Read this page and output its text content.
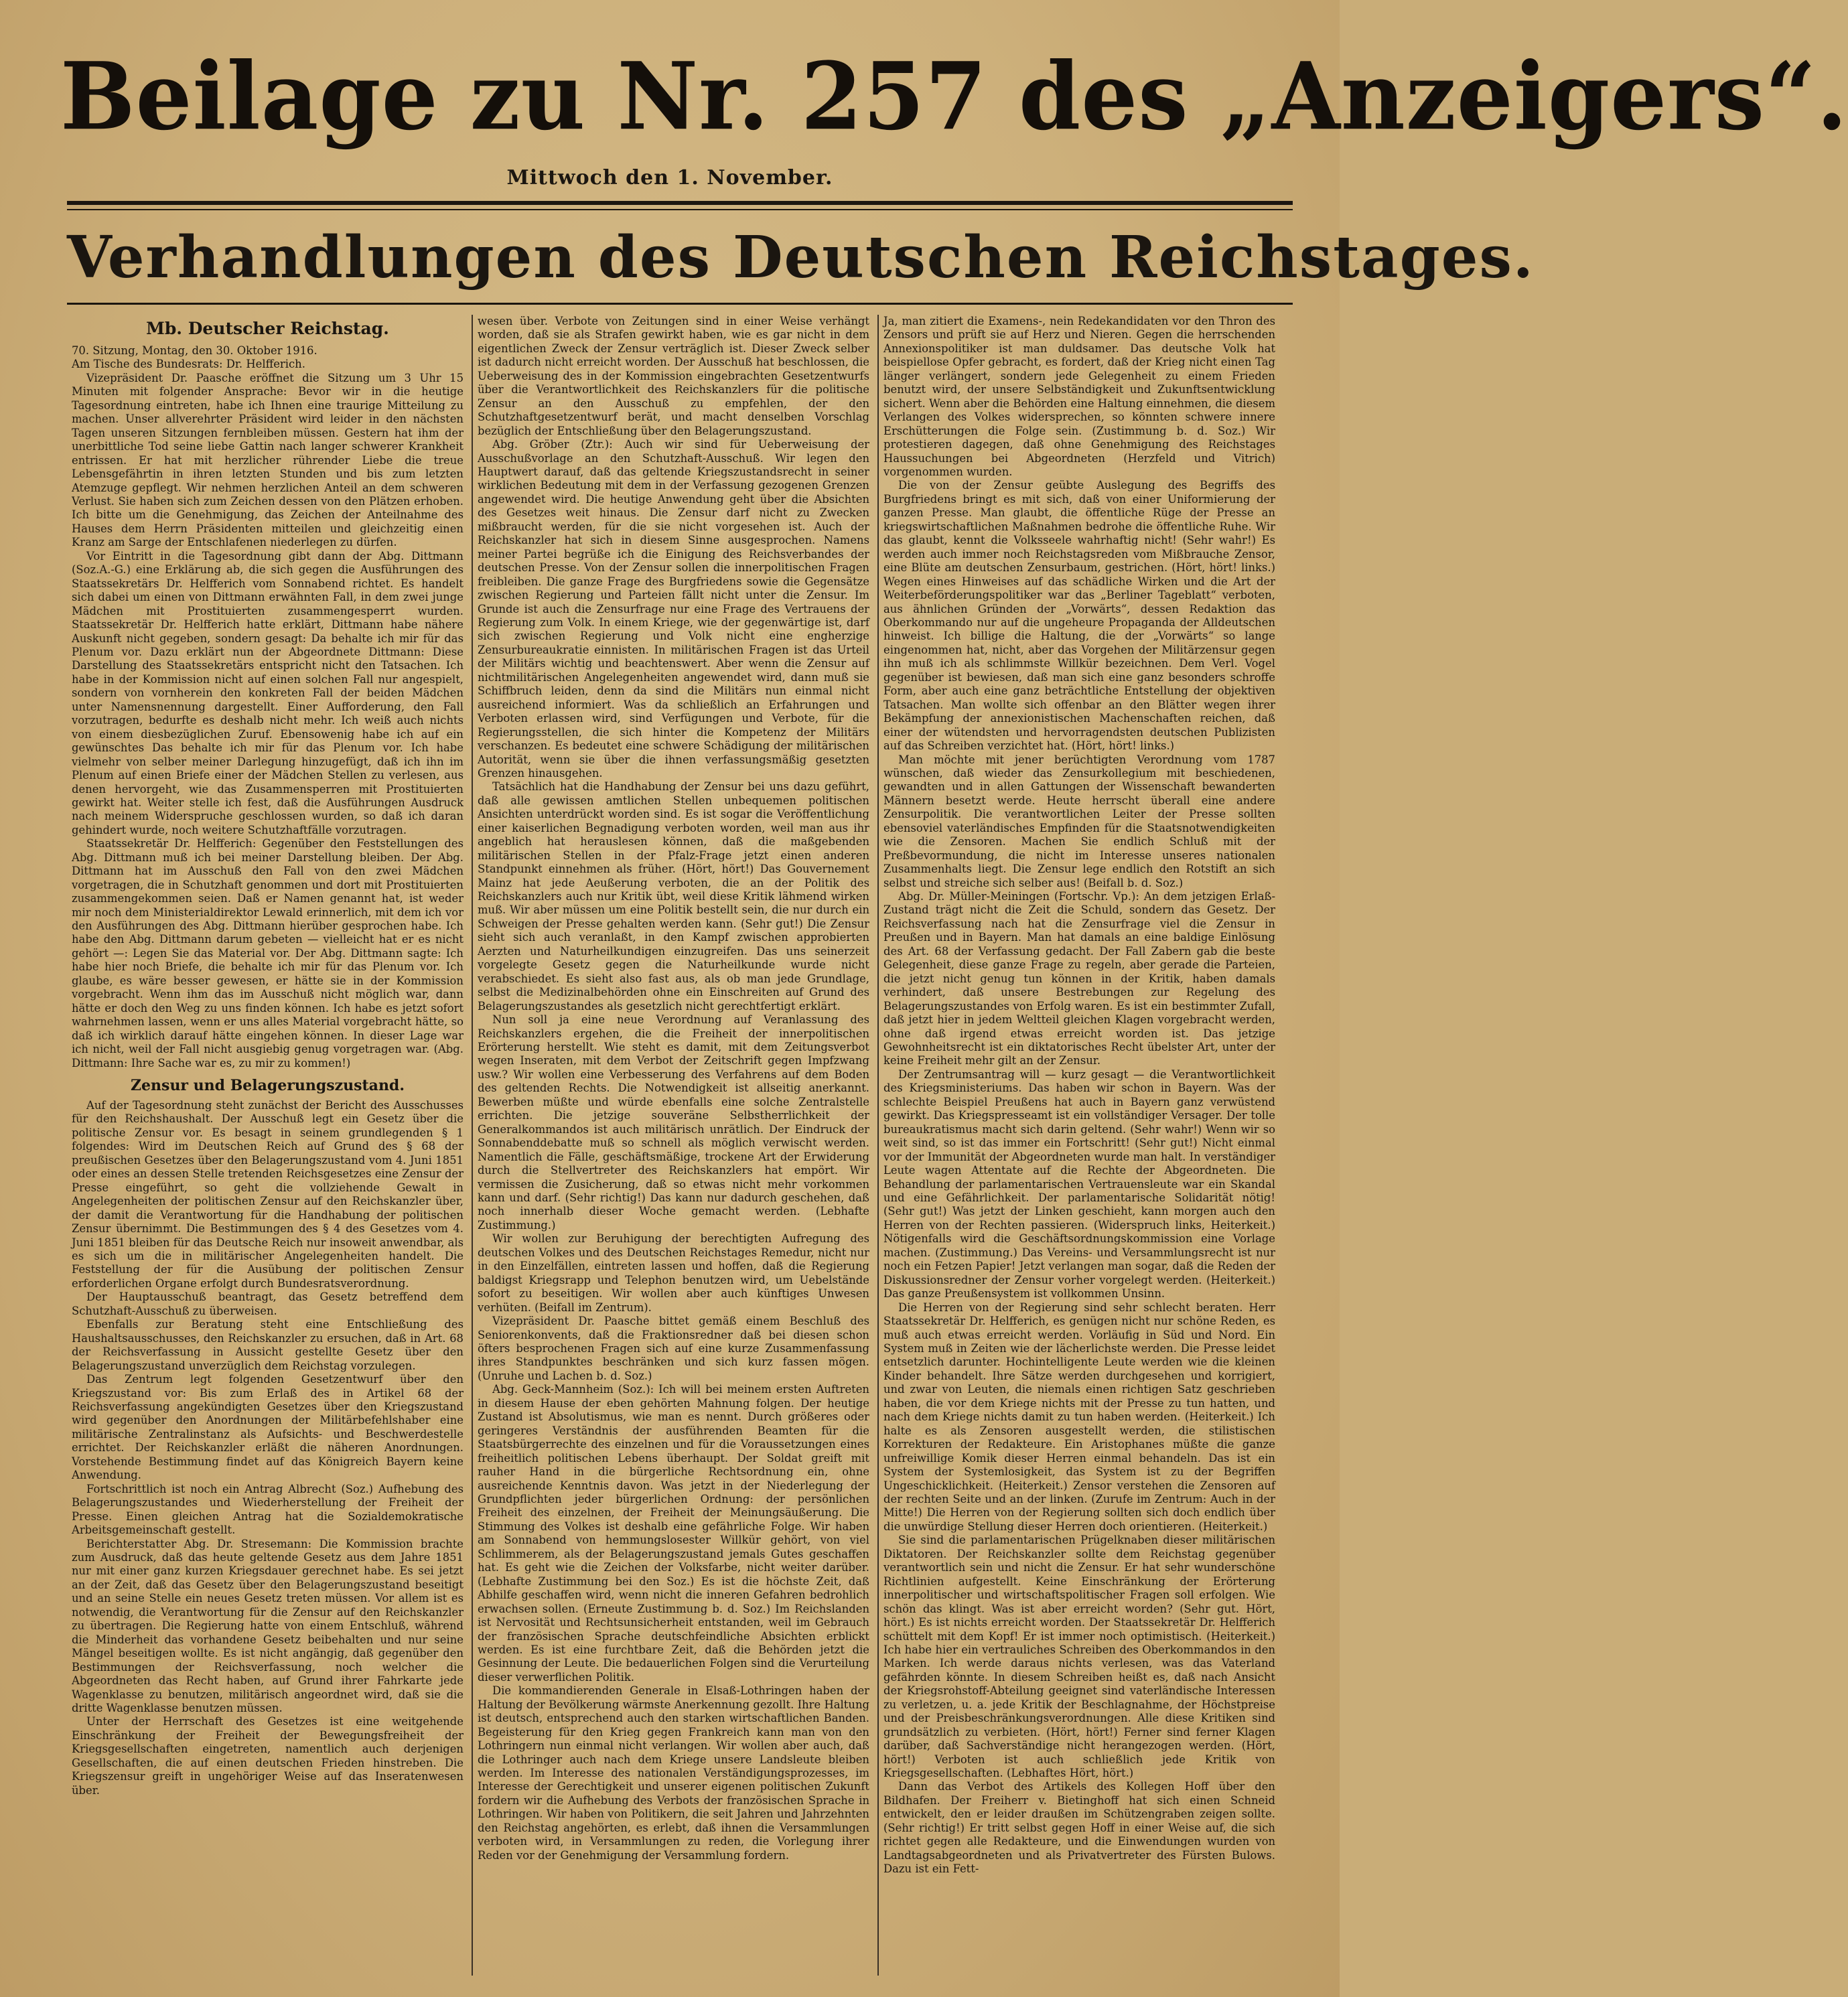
Beilage zu Nr. 257 des „Anzeigers“.
Mittwoch den 1. November.
Verhandlungen des Deutschen Reichstages.
Mb. Deutscher Reichstag.

70. Sitzung, Montag, den 30. Oktober 1916.

Am Tische des Bundesrats: Dr. Helfferich.

Vizepräsident Dr. Paasche eröffnet die Sitzung um 3 Uhr 15 Minuten mit folgender Ansprache: Bevor wir in die heutige Tagesordnung eintreten, habe ich Ihnen eine traurige Mitteilung zu machen. Unser allverehrter Präsident wird leider in den nächsten Tagen unseren Sitzungen fernbleiben müssen. Gestern hat ihm der unerbittliche Tod seine liebe Gattin nach langer schwerer Krankheit entrissen. Er hat mit herzlicher rührender Liebe die treue Lebensgefährtin in ihren letzten Stunden und bis zum letzten Atemzuge gepflegt. Wir nehmen herzlichen Anteil an dem schweren Verlust. Sie haben sich zum Zeichen dessen von den Plätzen erhoben. Ich bitte um die Genehmigung, das Zeichen der Anteilnahme des Hauses dem Herrn Präsidenten mitteilen und gleichzeitig einen Kranz am Sarge der Entschlafenen niederlegen zu dürfen.

Vor Eintritt in die Tagesordnung gibt dann der Abg. Dittmann (Soz.A.-G.) eine Erklärung ab, die sich gegen die Ausführungen des Staatssekretärs Dr. Helfferich vom Sonnabend richtet. Es handelt sich dabei um einen von Dittmann erwähnten Fall, in dem zwei junge Mädchen mit Prostituierten zusammengesperrt wurden. Staatssekretär Dr. Helfferich hatte erklärt, Dittmann habe nähere Auskunft nicht gegeben, sondern gesagt: Da behalte ich mir für das Plenum vor. Dazu erklärt nun der Abgeordnete Dittmann: Diese Darstellung des Staatssekretärs entspricht nicht den Tatsachen. Ich habe in der Kommission nicht auf einen solchen Fall nur angespielt, sondern von vornherein den konkreten Fall der beiden Mädchen unter Namensnennung dargestellt. Einer Aufforderung, den Fall vorzutragen, bedurfte es deshalb nicht mehr. Ich weiß auch nichts von einem diesbezüglichen Zuruf. Ebensowenig habe ich auf ein gewünschtes Das behalte ich mir für das Plenum vor. Ich habe vielmehr von selber meiner Darlegung hinzugefügt, daß ich ihn im Plenum auf einen Briefe einer der Mädchen Stellen zu verlesen, aus denen hervorgeht, wie das Zusammensperren mit Prostituierten gewirkt hat. Weiter stelle ich fest, daß die Ausführungen Ausdruck nach meinem Widerspruche geschlossen wurden, so daß ich daran gehindert wurde, noch weitere Schutzhaftfälle vorzutragen.

Staatssekretär Dr. Helfferich: Gegenüber den Feststellungen des Abg. Dittmann muß ich bei meiner Darstellung bleiben. Der Abg. Dittmann hat im Ausschuß den Fall von den zwei Mädchen vorgetragen, die in Schutzhaft genommen und dort mit Prostituierten zusammengekommen seien. Daß er Namen genannt hat, ist weder mir noch dem Ministerialdirektor Lewald erinnerlich, mit dem ich vor den Ausführungen des Abg. Dittmann hierüber gesprochen habe. Ich habe den Abg. Dittmann darum gebeten — vielleicht hat er es nicht gehört —: Legen Sie das Material vor. Der Abg. Dittmann sagte: Ich habe hier noch Briefe, die behalte ich mir für das Plenum vor. Ich glaube, es wäre besser gewesen, er hätte sie in der Kommission vorgebracht. Wenn ihm das im Ausschuß nicht möglich war, dann hätte er doch den Weg zu uns finden können. Ich habe es jetzt sofort wahrnehmen lassen, wenn er uns alles Material vorgebracht hätte, so daß ich wirklich darauf hätte eingehen können. In dieser Lage war ich nicht, weil der Fall nicht ausgiebig genug vorgetragen war. (Abg. Dittmann: Ihre Sache war es, zu mir zu kommen!)

Zensur und Belagerungszustand.

Auf der Tagesordnung steht zunächst der Bericht des Ausschusses für den Reichshaushalt. Der Ausschuß legt ein Gesetz über die politische Zensur vor. Es besagt in seinem grundlegenden § 1 folgendes: Wird im Deutschen Reich auf Grund des § 68 der preußischen Gesetzes über den Belagerungszustand vom 4. Juni 1851 oder eines an dessen Stelle tretenden Reichsgesetzes eine Zensur der Presse eingeführt, so geht die vollziehende Gewalt in Angelegenheiten der politischen Zensur auf den Reichskanzler über, der damit die Verantwortung für die Handhabung der politischen Zensur übernimmt. Die Bestimmungen des § 4 des Gesetzes vom 4. Juni 1851 bleiben für das Deutsche Reich nur insoweit anwendbar, als es sich um die in militärischer Angelegenheiten handelt. Die Feststellung der für die Ausübung der politischen Zensur erforderlichen Organe erfolgt durch Bundesratsverordnung.

Der Hauptausschuß beantragt, das Gesetz betreffend dem Schutzhaft-Ausschuß zu überweisen.

Ebenfalls zur Beratung steht eine Entschließung des Haushaltsausschusses, den Reichskanzler zu ersuchen, daß in Art. 68 der Reichsverfassung in Aussicht gestellte Gesetz über den Belagerungszustand unverzüglich dem Reichstag vorzulegen.

Das Zentrum legt folgenden Gesetzentwurf über den Kriegszustand vor: Bis zum Erlaß des in Artikel 68 der Reichsverfassung angekündigten Gesetzes über den Kriegszustand wird gegenüber den Anordnungen der Militärbefehlshaber eine militärische Zentralinstanz als Aufsichts- und Beschwerdestelle errichtet. Der Reichskanzler erläßt die näheren Anordnungen. Vorstehende Bestimmung findet auf das Königreich Bayern keine Anwendung.

Fortschrittlich ist noch ein Antrag Albrecht (Soz.) Aufhebung des Belagerungszustandes und Wiederherstellung der Freiheit der Presse. Einen gleichen Antrag hat die Sozialdemokratische Arbeitsgemeinschaft gestellt.

Berichterstatter Abg. Dr. Stresemann: Die Kommission brachte zum Ausdruck, daß das heute geltende Gesetz aus dem Jahre 1851 nur mit einer ganz kurzen Kriegsdauer gerechnet habe. Es sei jetzt an der Zeit, daß das Gesetz über den Belagerungszustand beseitigt und an seine Stelle ein neues Gesetz treten müssen. Vor allem ist es notwendig, die Verantwortung für die Zensur auf den Reichskanzler zu übertragen. Die Regierung hatte von einem Entschluß, während die Minderheit das vorhandene Gesetz beibehalten und nur seine Mängel beseitigen wollte. Es ist nicht angängig, daß gegenüber den Bestimmungen der Reichsverfassung, noch welcher die Abgeordneten das Recht haben, auf Grund ihrer Fahrkarte jede Wagenklasse zu benutzen, militärisch angeordnet wird, daß sie die dritte Wagenklasse benutzen müssen.

Unter der Herrschaft des Gesetzes ist eine weitgehende Einschränkung der Freiheit der Bewegungsfreiheit der Kriegsgesellschaften eingetreten, namentlich auch derjenigen Gesellschaften, die auf einen deutschen Frieden hinstreben. Die Kriegszensur greift in ungehöriger Weise auf das Inseratenwesen über.

wesen über. Verbote von Zeitungen sind in einer Weise verhängt worden, daß sie als Strafen gewirkt haben, wie es gar nicht in dem eigentlichen Zweck der Zensur verträglich ist. Dieser Zweck selber ist dadurch nicht erreicht worden. Der Ausschuß hat beschlossen, die Ueberweisung des in der Kommission eingebrachten Gesetzentwurfs über die Verantwortlichkeit des Reichskanzlers für die politische Zensur an den Ausschuß zu empfehlen, der den Schutzhaftgesetzentwurf berät, und macht denselben Vorschlag bezüglich der Entschließung über den Belagerungszustand.

Abg. Gröber (Ztr.): Auch wir sind für Ueberweisung der Ausschußvorlage an den Schutzhaft-Ausschuß. Wir legen den Hauptwert darauf, daß das geltende Kriegszustandsrecht in seiner wirklichen Bedeutung mit dem in der Verfassung gezogenen Grenzen angewendet wird. Die heutige Anwendung geht über die Absichten des Gesetzes weit hinaus. Die Zensur darf nicht zu Zwecken mißbraucht werden, für die sie nicht vorgesehen ist. Auch der Reichskanzler hat sich in diesem Sinne ausgesprochen. Namens meiner Partei begrüße ich die Einigung des Reichsverbandes der deutschen Presse. Von der Zensur sollen die innerpolitischen Fragen freibleiben. Die ganze Frage des Burgfriedens sowie die Gegensätze zwischen Regierung und Parteien fällt nicht unter die Zensur. Im Grunde ist auch die Zensurfrage nur eine Frage des Vertrauens der Regierung zum Volk. In einem Kriege, wie der gegenwärtige ist, darf sich zwischen Regierung und Volk nicht eine engherzige Zensurbureaukratie einnisten. In militärischen Fragen ist das Urteil der Militärs wichtig und beachtenswert. Aber wenn die Zensur auf nichtmilitärischen Angelegenheiten angewendet wird, dann muß sie Schiffbruch leiden, denn da sind die Militärs nun einmal nicht ausreichend informiert. Was da schließlich an Erfahrungen und Verboten erlassen wird, sind Verfügungen und Verbote, für die Regierungsstellen, die sich hinter die Kompetenz der Militärs verschanzen. Es bedeutet eine schwere Schädigung der militärischen Autorität, wenn sie über die ihnen verfassungsmäßig gesetzten Grenzen hinausgehen.

Tatsächlich hat die Handhabung der Zensur bei uns dazu geführt, daß alle gewissen amtlichen Stellen unbequemen politischen Ansichten unterdrückt worden sind. Es ist sogar die Veröffentlichung einer kaiserlichen Begnadigung verboten worden, weil man aus ihr angeblich hat herauslesen können, daß die maßgebenden militärischen Stellen in der Pfalz-Frage jetzt einen anderen Standpunkt einnehmen als früher. (Hört, hört!) Das Gouvernement Mainz hat jede Aeußerung verboten, die an der Politik des Reichskanzlers auch nur Kritik übt, weil diese Kritik lähmend wirken muß. Wir aber müssen um eine Politik bestellt sein, die nur durch ein Schweigen der Presse gehalten werden kann. (Sehr gut!) Die Zensur sieht sich auch veranlaßt, in den Kampf zwischen approbierten Aerzten und Naturheilkundigen einzugreifen. Das uns seinerzeit vorgelegte Gesetz gegen die Naturheilkunde wurde nicht verabschiedet. Es sieht also fast aus, als ob man jede Grundlage, selbst die Medizinalbehörden ohne ein Einschreiten auf Grund des Belagerungszustandes als gesetzlich nicht gerechtfertigt erklärt.

Nun soll ja eine neue Verordnung auf Veranlassung des Reichskanzlers ergehen, die die Freiheit der innerpolitischen Erörterung herstellt. Wie steht es damit, mit dem Zeitungsverbot wegen Inseraten, mit dem Verbot der Zeitschrift gegen Impfzwang usw.? Wir wollen eine Verbesserung des Verfahrens auf dem Boden des geltenden Rechts. Die Notwendigkeit ist allseitig anerkannt. Bewerben müßte und würde ebenfalls eine solche Zentralstelle errichten. Die jetzige souveräne Selbstherrlichkeit der Generalkommandos ist auch militärisch unrätlich. Der Eindruck der Sonnabenddebatte muß so schnell als möglich verwischt werden. Namentlich die Fälle, geschäftsmäßige, trockene Art der Erwiderung durch die Stellvertreter des Reichskanzlers hat empört. Wir vermissen die Zusicherung, daß so etwas nicht mehr vorkommen kann und darf. (Sehr richtig!) Das kann nur dadurch geschehen, daß noch innerhalb dieser Woche gemacht werden. (Lebhafte Zustimmung.)

Wir wollen zur Beruhigung der berechtigten Aufregung des deutschen Volkes und des Deutschen Reichstages Remedur, nicht nur in den Einzelfällen, eintreten lassen und hoffen, daß die Regierung baldigst Kriegsrapp und Telephon benutzen wird, um Uebelstände sofort zu beseitigen. Wir wollen aber auch künftiges Unwesen verhüten. (Beifall im Zentrum).

Vizepräsident Dr. Paasche bittet gemäß einem Beschluß des Seniorenkonvents, daß die Fraktionsredner daß bei diesen schon öfters besprochenen Fragen sich auf eine kurze Zusammenfassung ihres Standpunktes beschränken und sich kurz fassen mögen. (Unruhe und Lachen b. d. Soz.)

Abg. Geck-Mannheim (Soz.): Ich will bei meinem ersten Auftreten in diesem Hause der eben gehörten Mahnung folgen. Der heutige Zustand ist Absolutismus, wie man es nennt. Durch größeres oder geringeres Verständnis der ausführenden Beamten für die Staatsbürgerrechte des einzelnen und für die Voraussetzungen eines freiheitlich politischen Lebens überhaupt. Der Soldat greift mit rauher Hand in die bürgerliche Rechtsordnung ein, ohne ausreichende Kenntnis davon. Was jetzt in der Niederlegung der Grundpflichten jeder bürgerlichen Ordnung: der persönlichen Freiheit des einzelnen, der Freiheit der Meinungsäußerung. Die Stimmung des Volkes ist deshalb eine gefährliche Folge. Wir haben am Sonnabend von hemmungslosester Willkür gehört, von viel Schlimmerem, als der Belagerungszustand jemals Gutes geschaffen hat. Es geht wie die Zeichen der Volksfarbe, nicht weiter darüber. (Lebhafte Zustimmung bei den Soz.) Es ist die höchste Zeit, daß Abhilfe geschaffen wird, wenn nicht die inneren Gefahren bedrohlich erwachsen sollen. (Erneute Zustimmung b. d. Soz.) Im Reichslanden ist Nervosität und Rechtsunsicherheit entstanden, weil im Gebrauch der französischen Sprache deutschfeindliche Absichten erblickt werden. Es ist eine furchtbare Zeit, daß die Behörden jetzt die Gesinnung der Leute. Die bedauerlichen Folgen sind die Verurteilung dieser verwerflichen Politik.

Die kommandierenden Generale in Elsaß-Lothringen haben der Haltung der Bevölkerung wärmste Anerkennung gezollt. Ihre Haltung ist deutsch, entsprechend auch den starken wirtschaftlichen Banden. Begeisterung für den Krieg gegen Frankreich kann man von den Lothringern nun einmal nicht verlangen. Wir wollen aber auch, daß die Lothringer auch nach dem Kriege unsere Landsleute bleiben werden. Im Interesse des nationalen Verständigungsprozesses, im Interesse der Gerechtigkeit und unserer eigenen politischen Zukunft fordern wir die Aufhebung des Verbots der französischen Sprache in Lothringen. Wir haben von Politikern, die seit Jahren und Jahrzehnten den Reichstag angehörten, es erlebt, daß ihnen die Versammlungen verboten wird, in Versammlungen zu reden, die Vorlegung ihrer Reden vor der Genehmigung der Versammlung fordern.

Ja, man zitiert die Examens-, nein Redekandidaten vor den Thron des Zensors und prüft sie auf Herz und Nieren. Gegen die herrschenden Annexionspolitiker ist man duldsamer. Das deutsche Volk hat beispiellose Opfer gebracht, es fordert, daß der Krieg nicht einen Tag länger verlängert, sondern jede Gelegenheit zu einem Frieden benutzt wird, der unsere Selbständigkeit und Zukunftsentwicklung sichert. Wenn aber die Behörden eine Haltung einnehmen, die diesem Verlangen des Volkes widersprechen, so könnten schwere innere Erschütterungen die Folge sein. (Zustimmung b. d. Soz.) Wir protestieren dagegen, daß ohne Genehmigung des Reichstages Haussuchungen bei Abgeordneten (Herzfeld und Vitrich) vorgenommen wurden.

Die von der Zensur geübte Auslegung des Begriffs des Burgfriedens bringt es mit sich, daß von einer Uniformierung der ganzen Presse. Man glaubt, die öffentliche Rüge der Presse an kriegswirtschaftlichen Maßnahmen bedrohe die öffentliche Ruhe. Wir das glaubt, kennt die Volksseele wahrhaftig nicht! (Sehr wahr!) Es werden auch immer noch Reichstagsreden vom Mißbrauche Zensor, eine Blüte am deutschen Zensurbaum, gestrichen. (Hört, hört! links.) Wegen eines Hinweises auf das schädliche Wirken und die Art der Weiterbeförderungspolitiker war das „Berliner Tageblatt“ verboten, aus ähnlichen Gründen der „Vorwärts“, dessen Redaktion das Oberkommando nur auf die ungeheure Propaganda der Alldeutschen hinweist. Ich billige die Haltung, die der „Vorwärts“ so lange eingenommen hat, nicht, aber das Vorgehen der Militärzensur gegen ihn muß ich als schlimmste Willkür bezeichnen. Dem Verl. Vogel gegenüber ist bewiesen, daß man sich eine ganz besonders schroffe Form, aber auch eine ganz beträchtliche Entstellung der objektiven Tatsachen. Man wollte sich offenbar an den Blätter wegen ihrer Bekämpfung der annexionistischen Machenschaften reichen, daß einer der wütendsten und hervorragendsten deutschen Publizisten auf das Schreiben verzichtet hat. (Hört, hört! links.)

Man möchte mit jener berüchtigten Verordnung vom 1787 wünschen, daß wieder das Zensurkollegium mit beschiedenen, gewandten und in allen Gattungen der Wissenschaft bewanderten Männern besetzt werde. Heute herrscht überall eine andere Zensurpolitik. Die verantwortlichen Leiter der Presse sollten ebensoviel vaterländisches Empfinden für die Staatsnotwendigkeiten wie die Zensoren. Machen Sie endlich Schluß mit der Preßbevormundung, die nicht im Interesse unseres nationalen Zusammenhalts liegt. Die Zensur lege endlich den Rotstift an sich selbst und streiche sich selber aus! (Beifall b. d. Soz.)

Abg. Dr. Müller-Meiningen (Fortschr. Vp.): An dem jetzigen Erlaß-Zustand trägt nicht die Zeit die Schuld, sondern das Gesetz. Der Reichsverfassung nach hat die Zensurfrage viel die Zensur in Preußen und in Bayern. Man hat damals an eine baldige Einlösung des Art. 68 der Verfassung gedacht. Der Fall Zabern gab die beste Gelegenheit, diese ganze Frage zu regeln, aber gerade die Parteien, die jetzt nicht genug tun können in der Kritik, haben damals verhindert, daß unsere Bestrebungen zur Regelung des Belagerungszustandes von Erfolg waren. Es ist ein bestimmter Zufall, daß jetzt hier in jedem Weltteil gleichen Klagen vorgebracht werden, ohne daß irgend etwas erreicht worden ist. Das jetzige Gewohnheitsrecht ist ein diktatorisches Recht übelster Art, unter der keine Freiheit mehr gilt an der Zensur.

Der Zentrumsantrag will — kurz gesagt — die Verantwortlichkeit des Kriegsministeriums. Das haben wir schon in Bayern. Was der schlechte Beispiel Preußens hat auch in Bayern ganz verwüstend gewirkt. Das Kriegspresseamt ist ein vollständiger Versager. Der tolle bureaukratismus macht sich darin geltend. (Sehr wahr!) Wenn wir so weit sind, so ist das immer ein Fortschritt! (Sehr gut!) Nicht einmal vor der Immunität der Abgeordneten wurde man halt. In verständiger Leute wagen Attentate auf die Rechte der Abgeordneten. Die Behandlung der parlamentarischen Vertrauensleute war ein Skandal und eine Gefährlichkeit. Der parlamentarische Solidarität nötig! (Sehr gut!) Was jetzt der Linken geschieht, kann morgen auch den Herren von der Rechten passieren. (Widerspruch links, Heiterkeit.) Nötigenfalls wird die Geschäftsordnungskommission eine Vorlage machen. (Zustimmung.) Das Vereins- und Versammlungsrecht ist nur noch ein Fetzen Papier! Jetzt verlangen man sogar, daß die Reden der Diskussionsredner der Zensur vorher vorgelegt werden. (Heiterkeit.) Das ganze Preußensystem ist vollkommen Unsinn.

Die Herren von der Regierung sind sehr schlecht beraten. Herr Staatssekretär Dr. Helfferich, es genügen nicht nur schöne Reden, es muß auch etwas erreicht werden. Vorläufig in Süd und Nord. Ein System muß in Zeiten wie der lächerlichste werden. Die Presse leidet entsetzlich darunter. Hochintelligente Leute werden wie die kleinen Kinder behandelt. Ihre Sätze werden durchgesehen und korrigiert, und zwar von Leuten, die niemals einen richtigen Satz geschrieben haben, die vor dem Kriege nichts mit der Presse zu tun hatten, und nach dem Kriege nichts damit zu tun haben werden. (Heiterkeit.) Ich halte es als Zensoren ausgestellt werden, die stilistischen Korrekturen der Redakteure. Ein Aristophanes müßte die ganze unfreiwillige Komik dieser Herren einmal behandeln. Das ist ein System der Systemlosigkeit, das System ist zu der Begriffen Ungeschicklichkeit. (Heiterkeit.) Zensor verstehen die Zensoren auf der rechten Seite und an der linken. (Zurufe im Zentrum: Auch in der Mitte!) Die Herren von der Regierung sollten sich doch endlich über die unwürdige Stellung dieser Herren doch orientieren. (Heiterkeit.)

Sie sind die parlamentarischen Prügelknaben dieser militärischen Diktatoren. Der Reichskanzler sollte dem Reichstag gegenüber verantwortlich sein und nicht die Zensur. Er hat sehr wunderschöne Richtlinien aufgestellt. Keine Einschränkung der Erörterung innerpolitischer und wirtschaftspolitischer Fragen soll erfolgen. Wie schön das klingt. Was ist aber erreicht worden? (Sehr gut. Hört, hört.) Es ist nichts erreicht worden. Der Staatssekretär Dr. Helfferich schüttelt mit dem Kopf! Er ist immer noch optimistisch. (Heiterkeit.) Ich habe hier ein vertrauliches Schreiben des Oberkommandos in den Marken. Ich werde daraus nichts verlesen, was das Vaterland gefährden könnte. In diesem Schreiben heißt es, daß nach Ansicht der Kriegsrohstoff-Abteilung geeignet sind vaterländische Interessen zu verletzen, u. a. jede Kritik der Beschlagnahme, der Höchstpreise und der Preisbeschränkungsverordnungen. Alle diese Kritiken sind grundsätzlich zu verbieten. (Hört, hört!) Ferner sind ferner Klagen darüber, daß Sachverständige nicht herangezogen werden. (Hört, hört!) Verboten ist auch schließlich jede Kritik von Kriegsgesellschaften. (Lebhaftes Hört, hört.)

Dann das Verbot des Artikels des Kollegen Hoff über den Bildhafen. Der Freiherr v. Bietinghoff hat sich einen Schneid entwickelt, den er leider draußen im Schützengraben zeigen sollte. (Sehr richtig!) Er tritt selbst gegen Hoff in einer Weise auf, die sich richtet gegen alle Redakteure, und die Einwendungen wurden von Landtagsabgeordneten und als Privatvertreter des Fürsten Bulows. Dazu ist ein Fett-
